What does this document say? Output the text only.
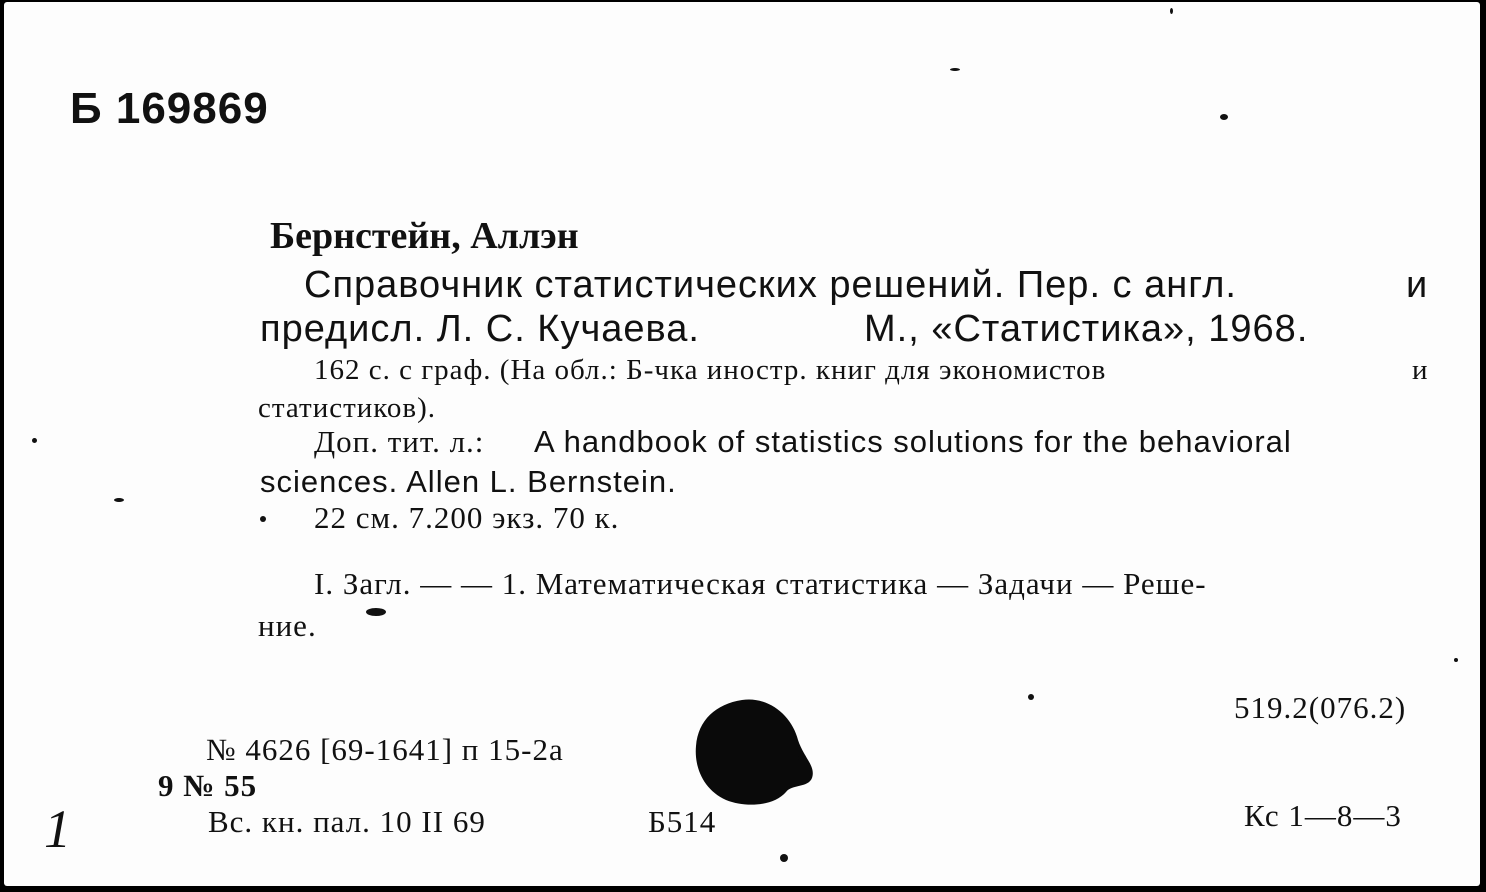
Б 169869
Бернстейн, Аллэн
Справочник статистических решений. Пер. с англ.	и
предисл. Л. С. Кучаева.	М., «Статистика», 1968.
162 с. с граф. (На обл.: Б-чка иностр. книг для экономистов	и
статистиков).
Доп. тит. л.: A handbook of statistics solutions for the behavioral
sciences. Allen L. Bernstein.
22 см. 7.200 экз. 70 к.
I. Загл. — — 1. Математическая статистика — Задачи — Реше-
ние.
519.2(076.2)
№ 4626 [69-1641] п 15-2а
9 № 55
Вс. кн. пал. 10 II 69	Б514	Кс 1—8—3
1
